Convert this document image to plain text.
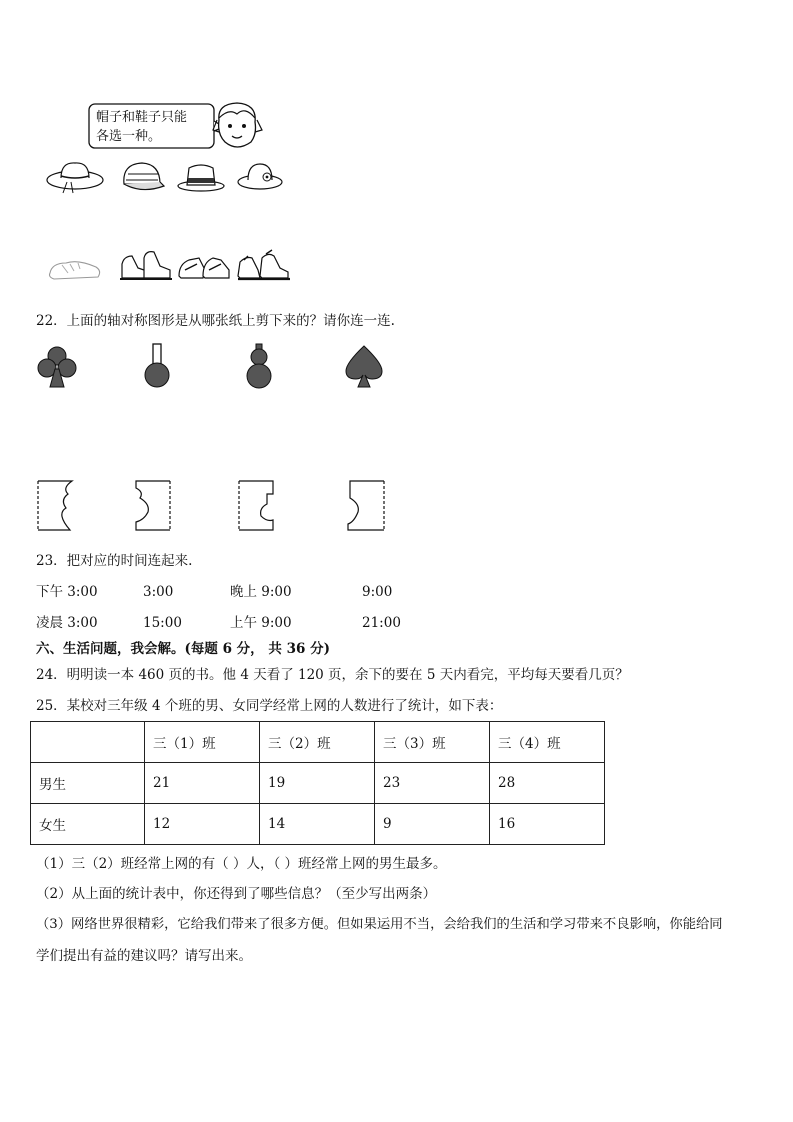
帽子和鞋子只能
各选一种。
22．上面的轴对称图形是从哪张纸上剪下来的？请你连一连.
23．把对应的时间连起来.
下午 3:00	3:00	晚上 9:00	9:00
凌晨 3:00	15:00	上午 9:00	21:00
六、生活问题，我会解。(每题 6 分， 共 36 分)
24．明明读一本 460 页的书。他 4 天看了 120 页，余下的要在 5 天内看完，平均每天要看几页？
25．某校对三年级 4 个班的男、女同学经常上网的人数进行了统计，如下表：
	三（1）班	三（2）班	三（3）班	三（4）班
男生	21	19	23	28
女生	12	14	9	16
（1）三（2）班经常上网的有（ ）人，（ ）班经常上网的男生最多。
（2）从上面的统计表中，你还得到了哪些信息？（至少写出两条）
（3）网络世界很精彩，它给我们带来了很多方便。但如果运用不当，会给我们的生活和学习带来不良影响，你能给同
学们提出有益的建议吗？请写出来。
